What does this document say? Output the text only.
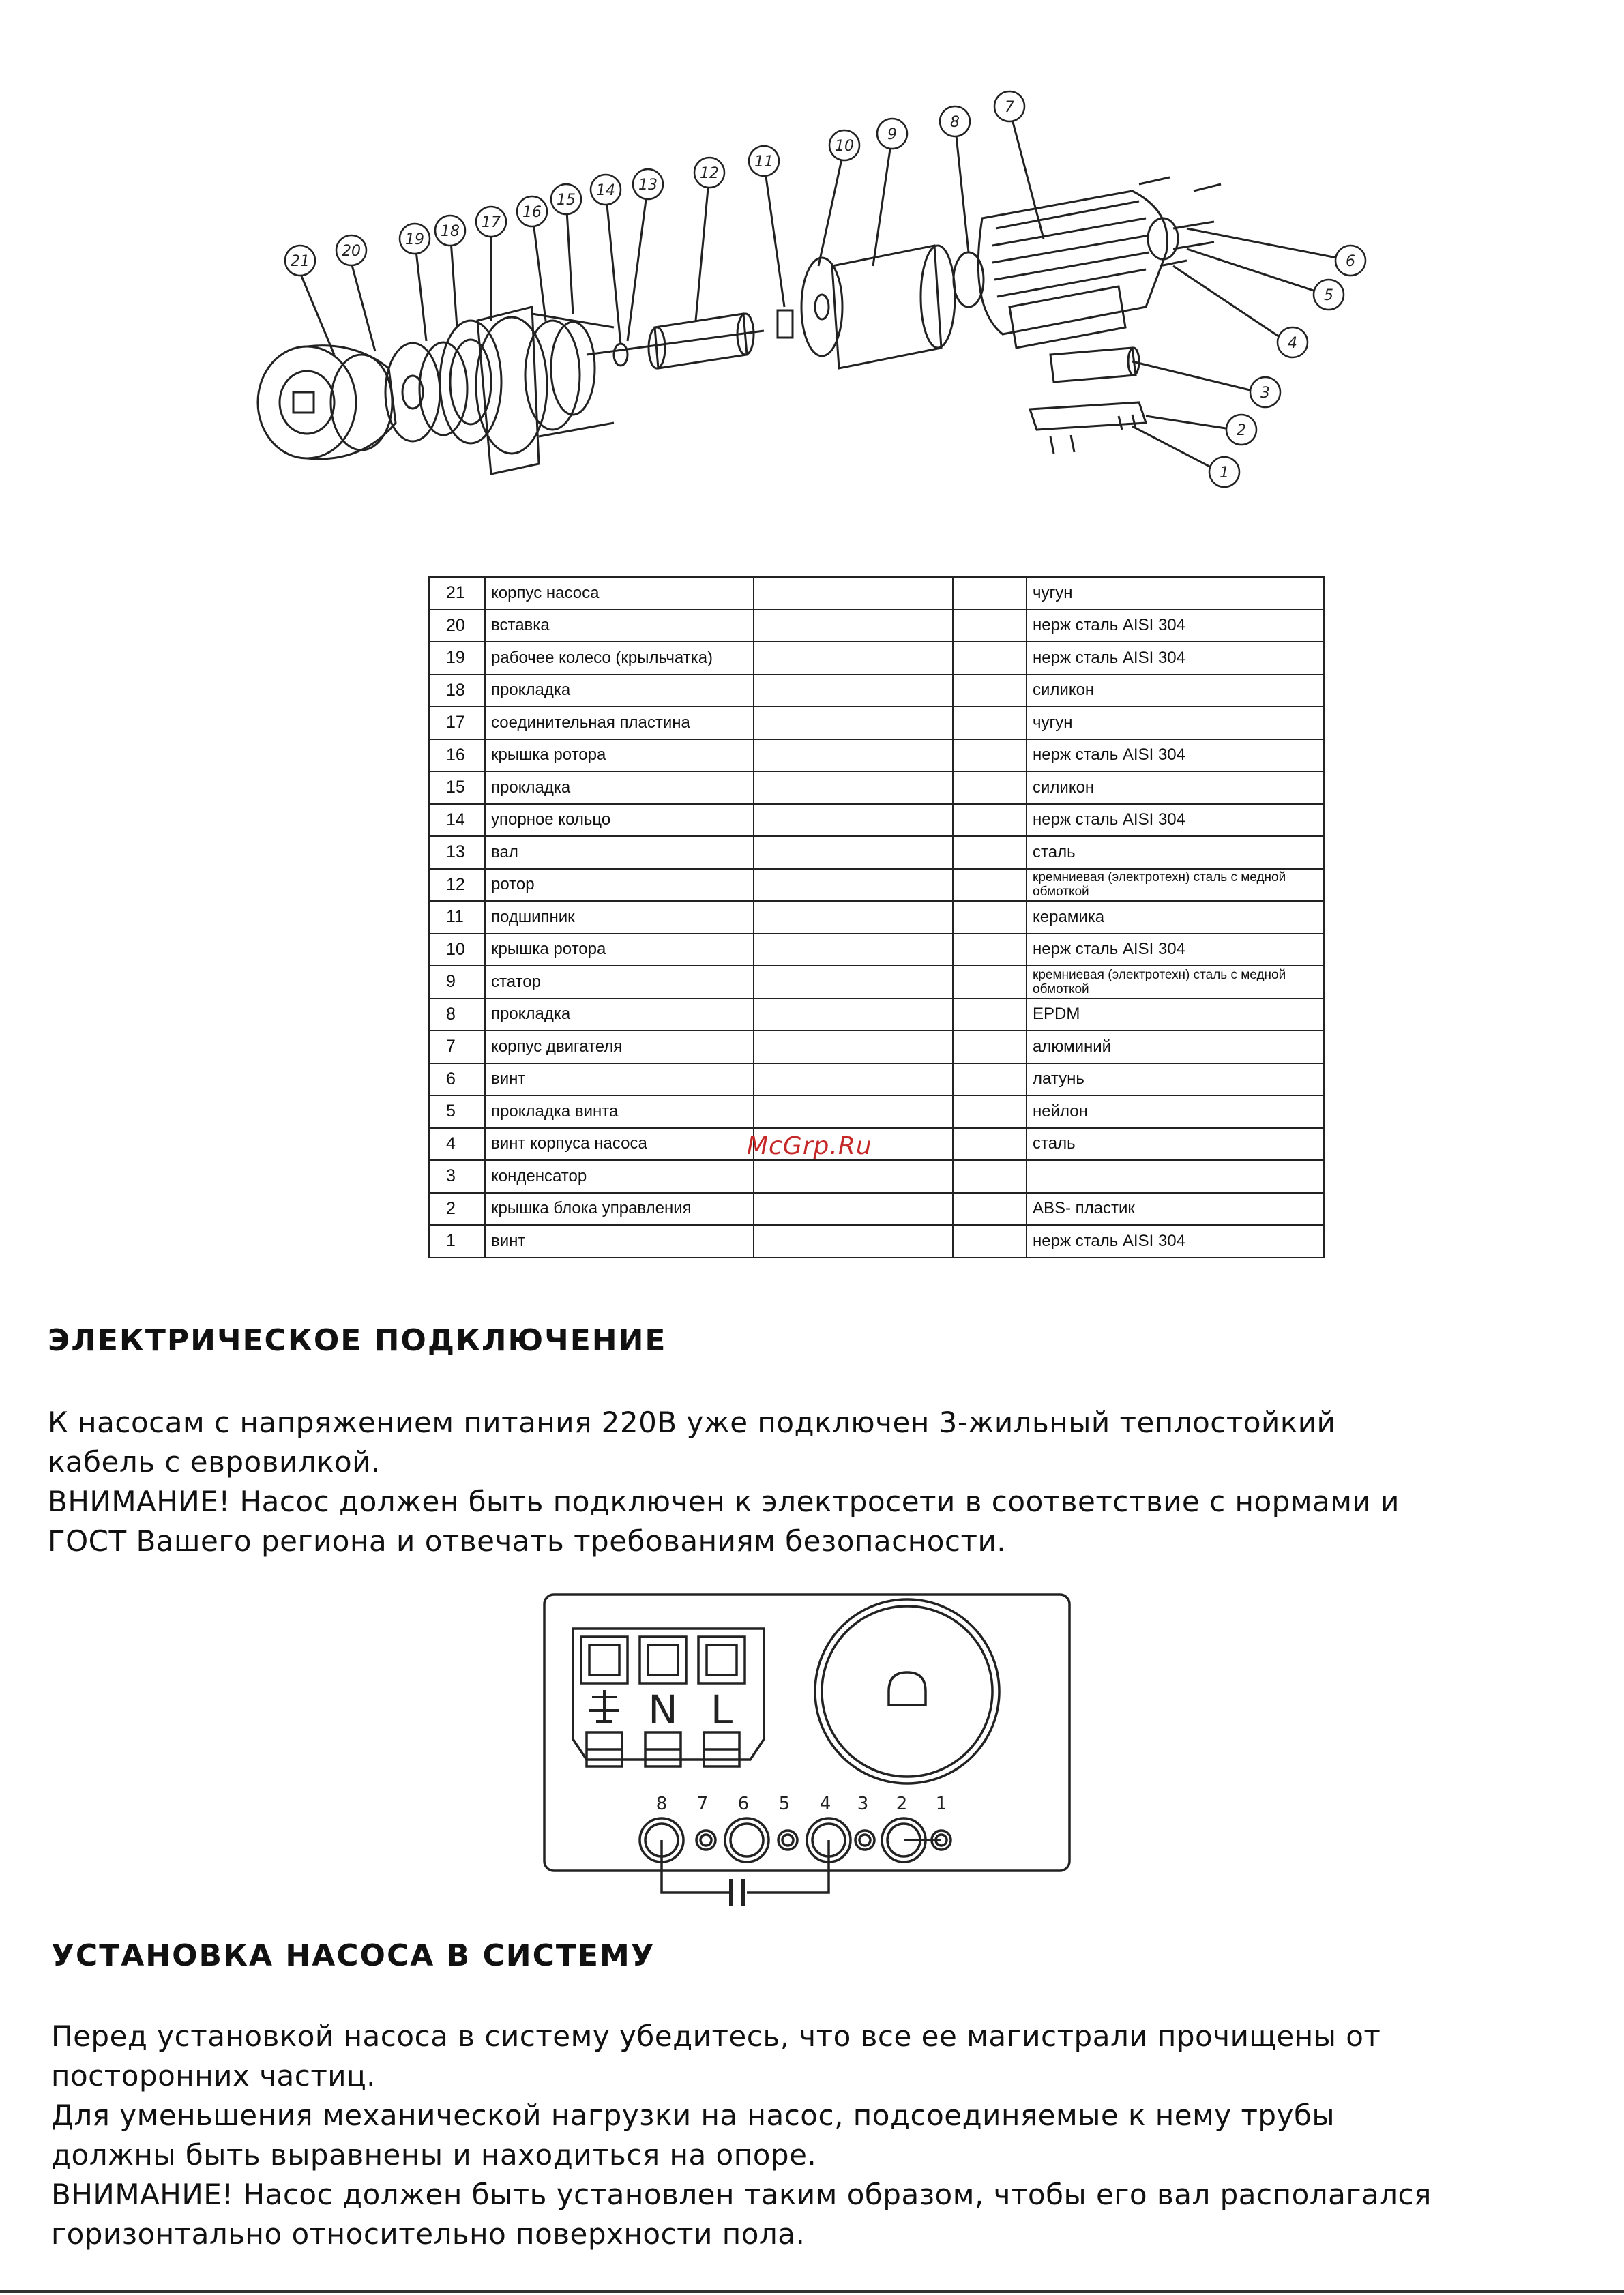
21
20
19 18
17
16
15
14 13
12
11
10
9
8
7
6
5
4
3
2
1
21	корпус насоса			чугун
20	вставка			нерж сталь AISI 304
19	рабочее колесо (крыльчатка)			нерж сталь AISI 304
18	прокладка			силикон
17	соединительная пластина			чугун
16	крышка ротора			нерж сталь AISI 304
15	прокладка			силикон
14	упорное кольцо			нерж сталь AISI 304
13	вал			сталь
12	ротор			кремниевая (электротехн) сталь с медной обмоткой
11	подшипник			керамика
10	крышка ротора			нерж сталь AISI 304
9	статор			кремниевая (электротехн) сталь с медной обмоткой
8	прокладка			EPDM
7	корпус двигателя			алюминий
6	винт			латунь
5	прокладка винта			нейлон
4	винт корпуса насоса			сталь
3	конденсатор			
2	крышка блока управления			ABS- пластик
1	винт			нерж сталь AISI 304
McGrp.Ru
ЭЛЕКТРИЧЕСКОЕ ПОДКЛЮЧЕНИЕ

К насосам с напряжением питания 220В уже подключен 3-жильный теплостойкий

кабель с евровилкой.

ВНИМАНИЕ! Насос должен быть подключен к электросети в соответствие с нормами и

ГОСТ Вашего региона и отвечать требованиям безопасности.

N L
8 7 6 5 4 3 2 1
УСТАНОВКА НАСОСА В СИСТЕМУ

Перед установкой насоса в систему убедитесь, что все ее магистрали прочищены от

посторонних частиц.

Для уменьшения механической нагрузки на насос, подсоединяемые к нему трубы

должны быть выравнены и находиться на опоре.

ВНИМАНИЕ! Насос должен быть установлен таким образом, чтобы его вал располагался

горизонтально относительно поверхности пола.
